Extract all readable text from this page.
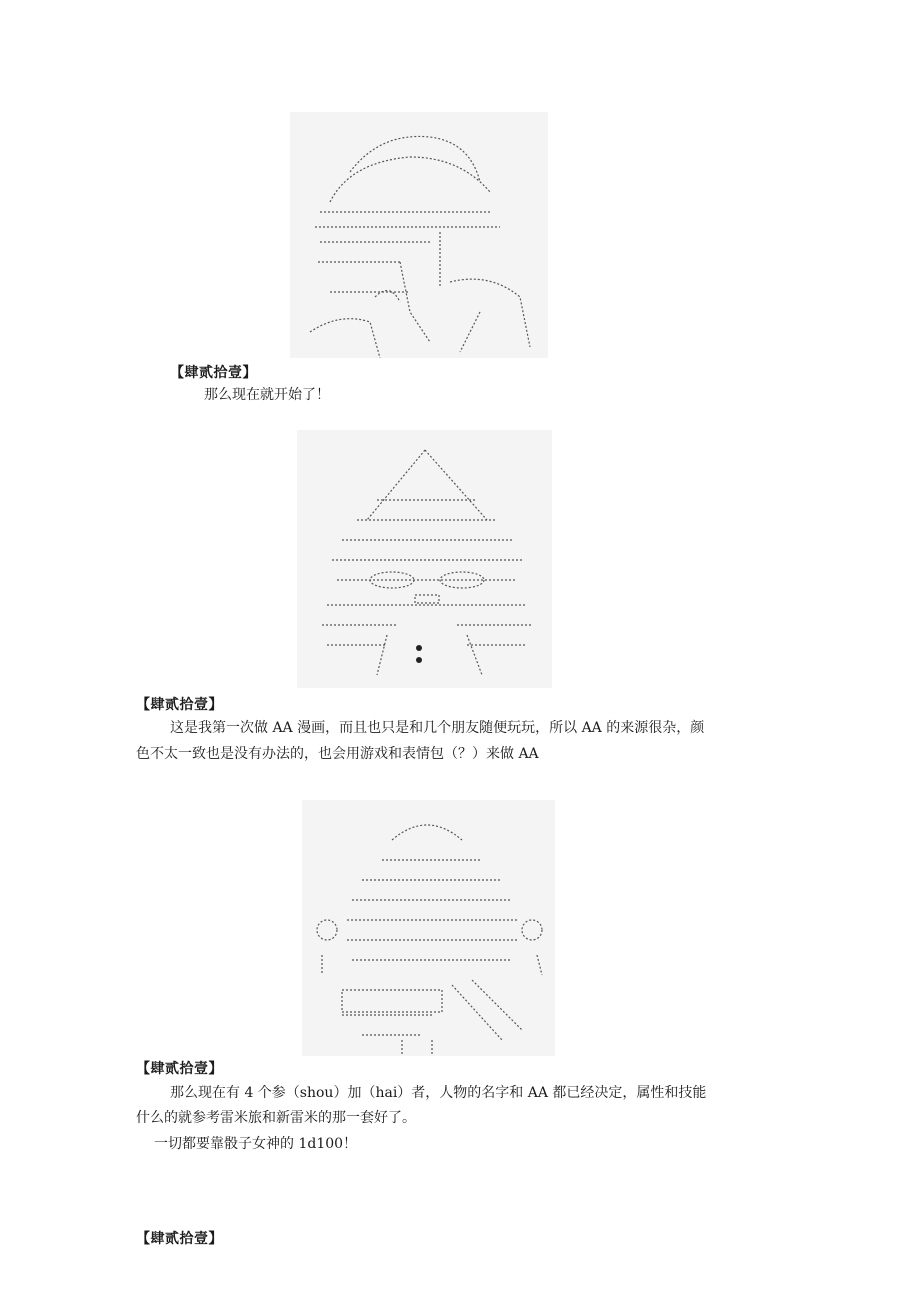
【肆贰拾壹】

那么现在就开始了！

【肆贰拾壹】

这是我第一次做 AA 漫画，而且也只是和几个朋友随便玩玩，所以 AA 的来源很杂，颜

色不太一致也是没有办法的，也会用游戏和表情包（？）来做 AA

【肆贰拾壹】

那么现在有 4 个参（shou）加（hai）者，人物的名字和 AA 都已经决定，属性和技能

什么的就参考雷米旅和新雷米的那一套好了。

一切都要靠骰子女神的 1d100！

【肆贰拾壹】
